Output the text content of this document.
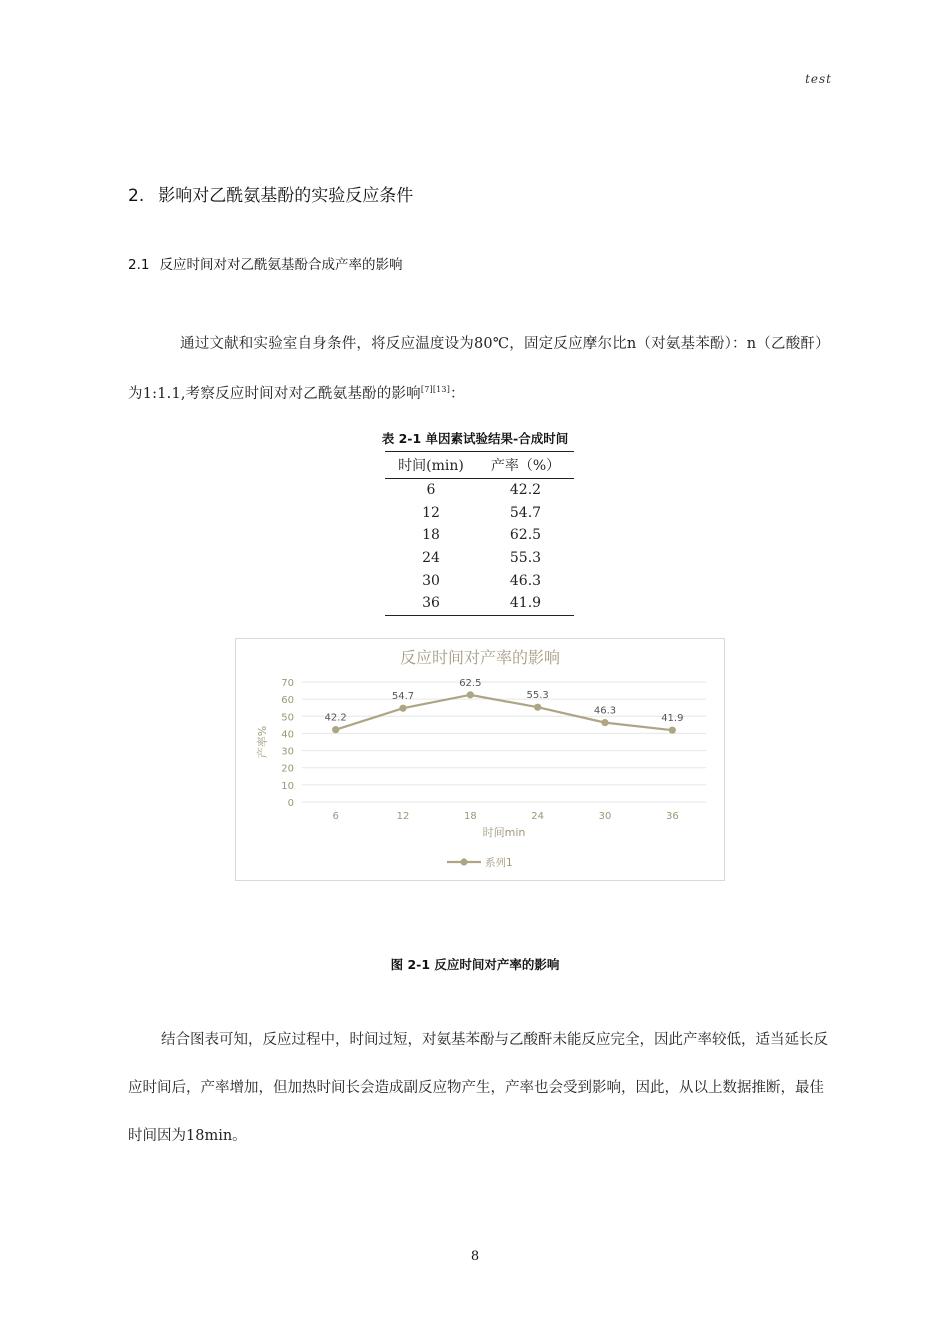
test
2. 影响对乙酰氨基酚的实验反应条件
2.1 反应时间对对乙酰氨基酚合成产率的影响
通过文献和实验室自身条件，将反应温度设为80℃，固定反应摩尔比n（对氨基苯酚）：n（乙酸酐）为1:1.1,考察反应时间对对乙酰氨基酚的影响[7][13]：
表 2-1 单因素试验结果-合成时间
时间(min)	产率（%）
6	42.2
12	54.7
18	62.5
24	55.3
30	46.3
36	41.9
反应时间对产率的影响
0
10
20
30
40
50
60
70
6	12	18	24	30	36
时间min
产率%
42.2
54.7
62.5
55.3
46.3
41.9
系列1
图 2-1 反应时间对产率的影响
结合图表可知，反应过程中，时间过短，对氨基苯酚与乙酸酐未能反应完全，因此产率较低，适当延长反应时间后，产率增加，但加热时间长会造成副反应物产生，产率也会受到影响，因此，从以上数据推断，最佳时间因为18min。
8
